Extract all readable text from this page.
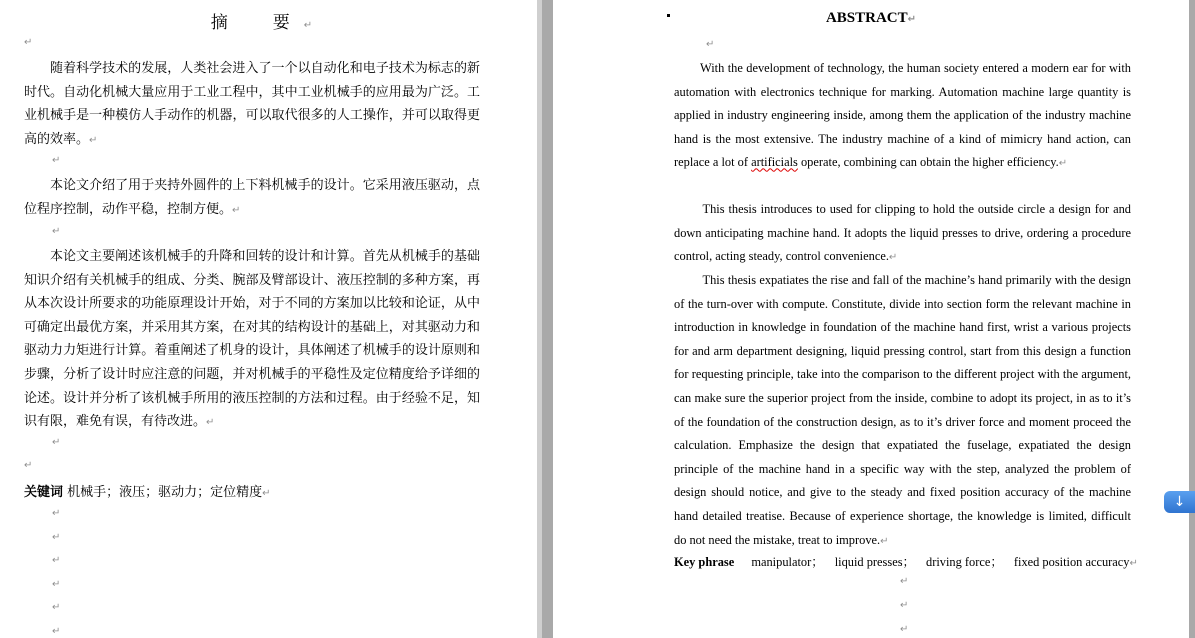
摘　要↵
↵
随着科学技术的发展，人类社会进入了一个以自动化和电子技术为标志的新时代。自动化机械大量应用于工业工程中，其中工业机械手的应用最为广泛。工业机械手是一种模仿人手动作的机器，可以取代很多的人工操作，并可以取得更高的效率。↵
↵
本论文介绍了用于夹持外圆件的上下料机械手的设计。它采用液压驱动，点位程序控制，动作平稳，控制方便。↵
↵
本论文主要阐述该机械手的升降和回转的设计和计算。首先从机械手的基础知识介绍有关机械手的组成、分类、腕部及臂部设计、液压控制的多种方案，再从本次设计所要求的功能原理设计开始，对于不同的方案加以比较和论证，从中可确定出最优方案，并采用其方案，在对其的结构设计的基础上，对其驱动力和驱动力力矩进行计算。着重阐述了机身的设计，具体阐述了机械手的设计原则和步骤，分析了设计时应注意的问题，并对机械手的平稳性及定位精度给予详细的论述。设计并分析了该机械手所用的液压控制的方法和过程。由于经验不足，知识有限，难免有误，有待改进。↵
↵
↵
关键词 机械手；液压；驱动力；定位精度↵
↵
↵
↵
↵
↵
↵
ABSTRACT↵
↵
With the development of technology, the human society entered a modern ear for with automation with electronics technique for marking. Automation machine large quantity is applied in industry engineering inside, among them the application of the industry machine hand is the most extensive. The industry machine of a kind of mimicry hand action, can replace a lot of artificials operate, combining can obtain the higher efficiency.↵
This thesis introduces to used for clipping to hold the outside circle a design for and down anticipating machine hand. It adopts the liquid presses to drive, ordering a procedure control, acting steady, control convenience.↵
This thesis expatiates the rise and fall of the machine’s hand primarily with the design of the turn-over with compute. Constitute, divide into section form the relevant machine in introduction in knowledge in foundation of the machine hand first, wrist a various projects for and arm department designing, liquid pressing control, start from this design a function for requesting principle, take into the comparison to the different project with the argument, can make sure the superior project from the inside, combine to adopt its project, in as to it’s of the foundation of the construction design, as to it’s driver force and moment proceed the calculation. Emphasize the design that expatiated the fuselage, expatiated the design principle of the machine hand in a specific way with the step, analyzed the problem of design should notice, and give to the steady and fixed position accuracy of the machine hand detailed treatise. Because of experience shortage, the knowledge is limited, difficult do not need the mistake, treat to improve.↵
Key phrase manipulator； liquid presses； driving force； fixed position accuracy↵
↵
↵
↵
↓
